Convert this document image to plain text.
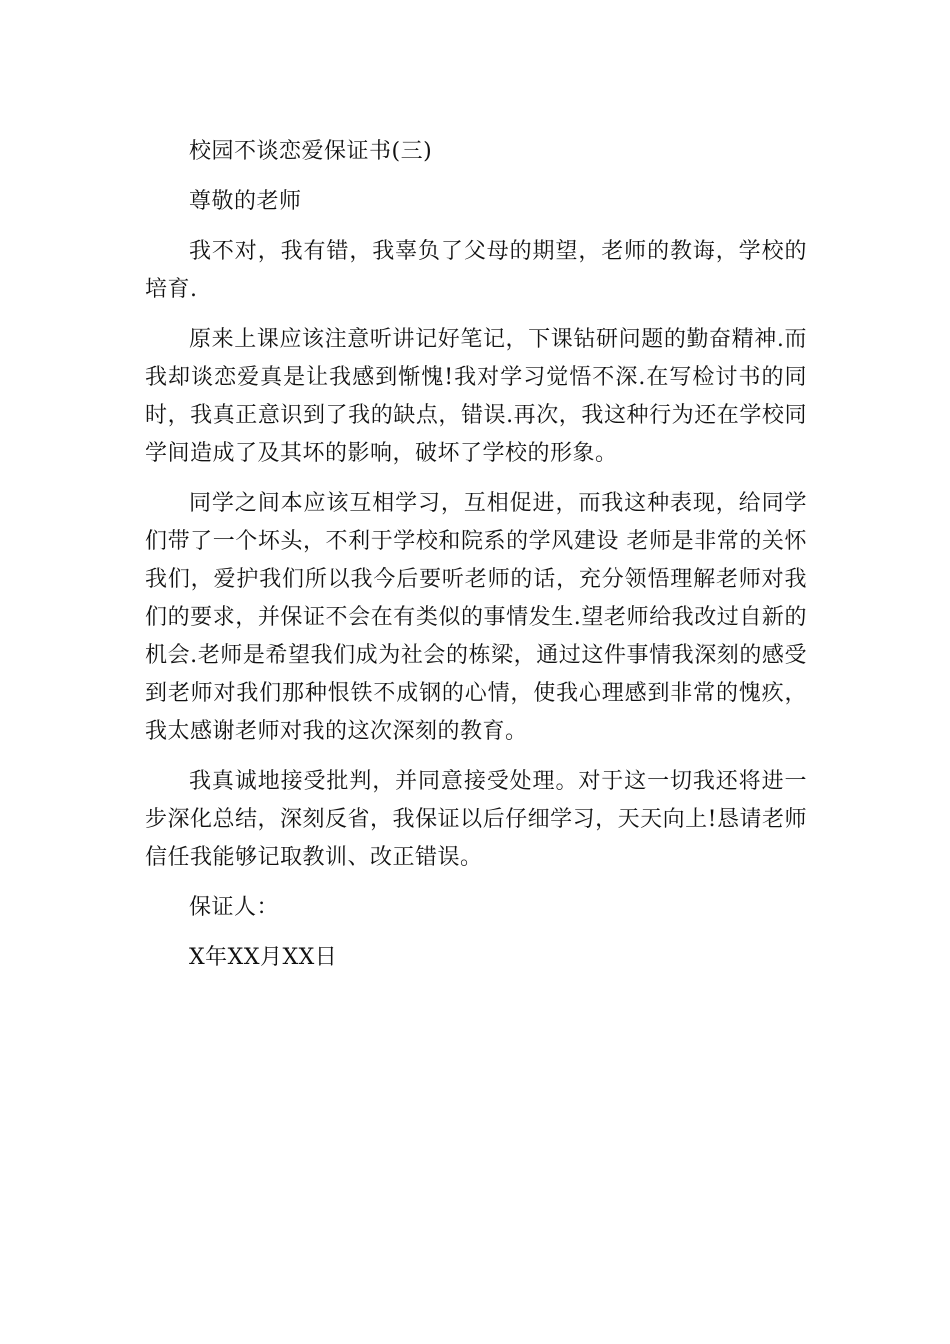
校园不谈恋爱保证书(三)

尊敬的老师

我不对，我有错，我辜负了父母的期望，老师的教诲，学校的培育.

原来上课应该注意听讲记好笔记，下课钻研问题的勤奋精神.而我却谈恋爱真是让我感到惭愧!我对学习觉悟不深.在写检讨书的同时，我真正意识到了我的缺点，错误.再次，我这种行为还在学校同学间造成了及其坏的影响，破坏了学校的形象。

同学之间本应该互相学习，互相促进，而我这种表现，给同学们带了一个坏头，不利于学校和院系的学风建设 老师是非常的关怀我们，爱护我们所以我今后要听老师的话，充分领悟理解老师对我们的要求，并保证不会在有类似的事情发生.望老师给我改过自新的机会.老师是希望我们成为社会的栋梁，通过这件事情我深刻的感受到老师对我们那种恨铁不成钢的心情，使我心理感到非常的愧疚，我太感谢老师对我的这次深刻的教育。

我真诚地接受批判，并同意接受处理。对于这一切我还将进一步深化总结，深刻反省，我保证以后仔细学习，天天向上!恳请老师信任我能够记取教训、改正错误。

保证人：

X年XX月XX日
